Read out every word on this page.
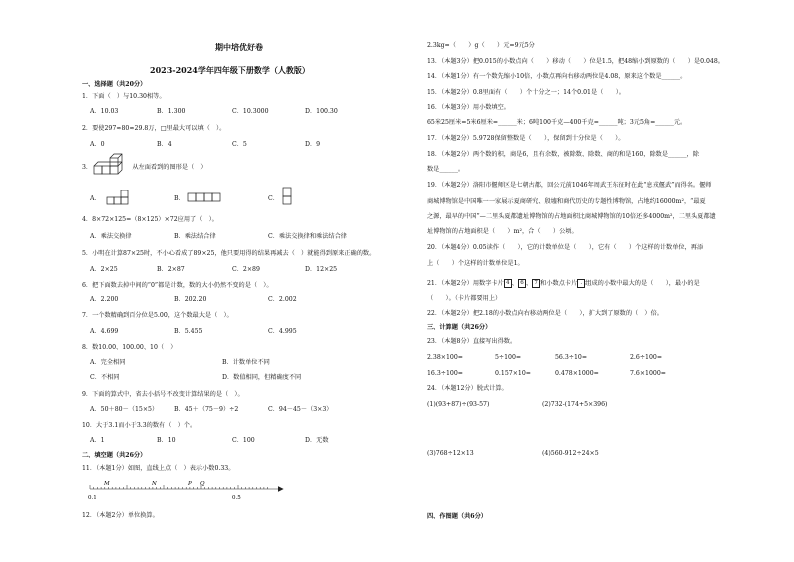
期中培优好卷
2023-2024学年四年级下册数学（人教版）
一、选择题（共20分）
1．下面（　）与10.30相等。
A．10.03	B．1.300	C．10.3000	D．100.30
2．要使297≈80≈29.8万，□里最大可以填（　）。
A．0	B．4	C．5	D．9
3．　　　　　　　从左面看到的图形是（　）
A．	B．	C．
4．8×72×125=（8×125）×72应用了（　）。
A．乘法交换律	B．乘法结合律	C．乘法交换律和乘法结合律
5．小明在计算87×25时，不小心看成了89×25，他只要用得的结果再减去（　）就能得到原来正确的数。
A．2×25	B．2×87	C．2×89	D．12×25
6．把下面数去掉中间的“0”都是计数，数的大小仍然不变的是（　）。
A．2.200	B．202.20	C．2.002
7．一个数精确到百分位是5.00，这个数最大是（　）。
A．4.699	B．5.455	C．4.995
8．数10.00、100.00、10（　）
A．完全相同	B．计数单位不同
C．不相同	D．数值相同，但精确度不同
9．下面的算式中，省去小括号不改变计算结果的是（　）。
A．50＋80－（15×5）	B．45＋（75－9）÷2	C．94－45－（3×3）
10．大于3.1而小于3.3的数有（　）个。
A．1	B．10	C．100	D．无数
二、填空题（共26分）
11．（本题1分）如图，直线上点（　）表示小数0.33。
0.1	0.5
M	N	P Q
12．（本题2分）单位换算。
2.3kg=（　　）g（　　）元=9元5分
13．（本题3分）把0.015的小数点向（　　）移动（　　）位是1.5，把48缩小到原数的（　　）是0.048。
14．（本题1分）有一个数先缩小10倍，小数点再向右移动两位是4.08，原来这个数是______。
15．（本题2分）0.8里面有（　　）个十分之一；14个0.01是（　　）。
16．（本题3分）用小数填空。
65米25厘米=5米6厘米=______米；6吨100千克—400千克=______吨；3元5角=______元。
17．（本题2分）5.9728保留整数是（　　），保留到十分位是（　　）。
18．（本题2分）两个数的积，商是6，且有余数，被除数、除数、商的和是160，除数是______，除
数是______。
19．（本题2分）洛阳市偃师区是七朝古都，回公元前1046年周武王东征时在此“息戎偃武”而得名。偃师
商城博物馆是中国唯一一家展示夏商研究、殷墟和商代历史的专题性博物馆，占地约16000m²，“最夏
之源，最早的中国”—二里头夏都遗址博物馆的占地面积比商城博物馆的10倍还多4000m²，二里头夏都遗
址博物馆的占地面积是（　　）m²，合（　　）公顷。
20．（本题4分）0.05读作（　　），它的计数单位是（　　），它有（　　）个这样的计数单位，再添
上（　　）个这样的计数单位是1。
21．（本题2分）用数字卡片 4 、 6 、 7 和小数点卡片 . 组成的小数中最大的是（　　），最小的是
（　　）。（卡片都要用上）
22．（本题2分）把2.18的小数点向右移动两位是（　　），扩大到了原数的（　）倍。
三、计算题（共26分）
23．（本题8分）直接写出得数。
2.38×100=	5÷100=	56.3÷10=	2.6÷100=
16.3÷100=	0.157×10=	0.478×1000=	7.6×1000=
24．（本题12分）脱式计算。
(1)(93+87)÷(93-57)	(2)732-(174+5×396)
(3)768÷12×13	(4)560-912÷24×5
四、作图题（共6分）
